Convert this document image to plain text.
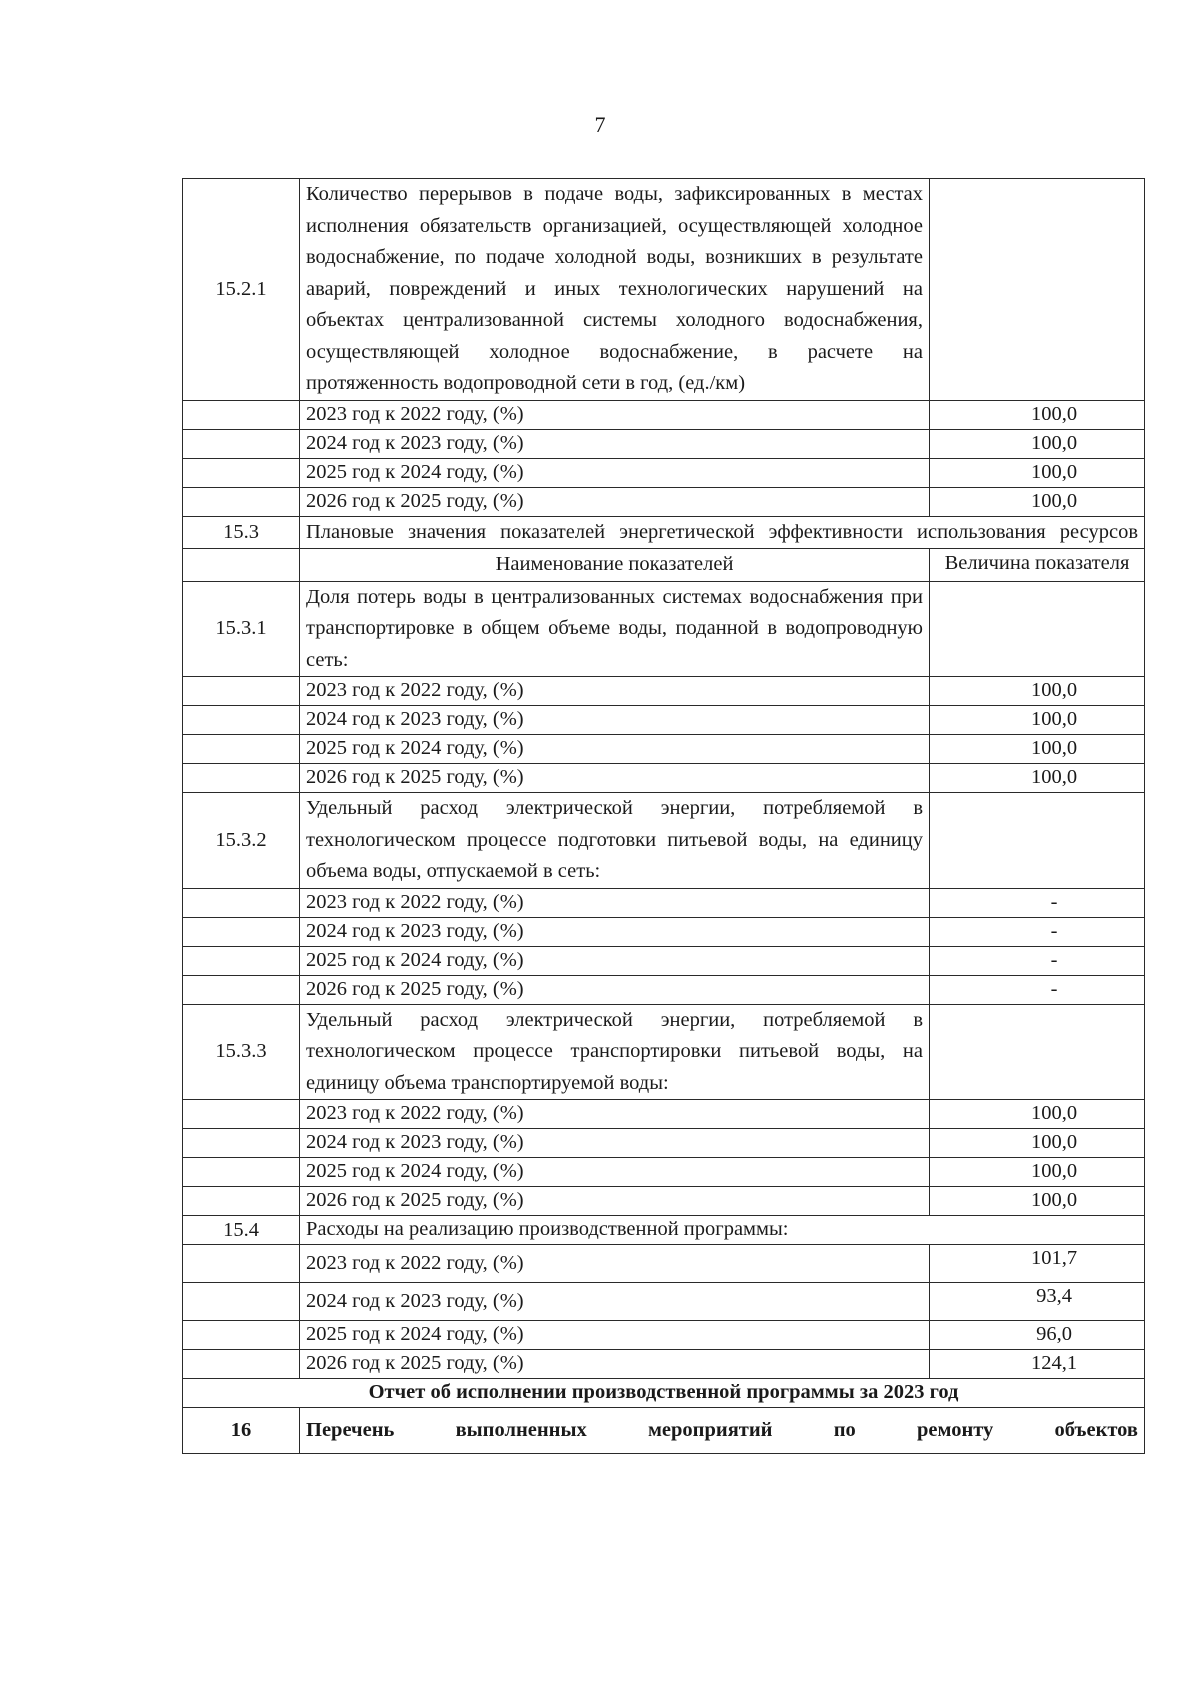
7
15.2.1	Количество перерывов в подаче воды, зафиксированных в местах исполнения обязательств организацией, осуществляющей холодное водоснабжение, по подаче холодной воды, возникших в результате аварий, повреждений и иных технологических нарушений на объектах централизованной системы холодного водоснабжения, осуществляющей холодное водоснабжение, в расчете на протяженность водопроводной сети в год, (ед./км)	
	2023 год к 2022 году, (%)	100,0
	2024 год к 2023 году, (%)	100,0
	2025 год к 2024 году, (%)	100,0
	2026 год к 2025 году, (%)	100,0
15.3	Плановые значения показателей энергетической эффективности использования ресурсов	
	Наименование показателей	Величина показателя
15.3.1	Доля потерь воды в централизованных системах водоснабжения при транспортировке в общем объеме воды, поданной в водопроводную сеть:	
	2023 год к 2022 году, (%)	100,0
	2024 год к 2023 году, (%)	100,0
	2025 год к 2024 году, (%)	100,0
	2026 год к 2025 году, (%)	100,0
15.3.2	Удельный расход электрической энергии, потребляемой в технологическом процессе подготовки питьевой воды, на единицу объема воды, отпускаемой в сеть:	
	2023 год к 2022 году, (%)	-
	2024 год к 2023 году, (%)	-
	2025 год к 2024 году, (%)	-
	2026 год к 2025 году, (%)	-
15.3.3	Удельный расход электрической энергии, потребляемой в технологическом процессе транспортировки питьевой воды, на единицу объема транспортируемой воды:	
	2023 год к 2022 году, (%)	100,0
	2024 год к 2023 году, (%)	100,0
	2025 год к 2024 году, (%)	100,0
	2026 год к 2025 году, (%)	100,0
15.4	Расходы на реализацию производственной программы:	
	2023 год к 2022 году, (%)	101,7
	2024 год к 2023 году, (%)	93,4
	2025 год к 2024 году, (%)	96,0
	2026 год к 2025 году, (%)	124,1
Отчет об исполнении производственной программы за 2023 год		
16	Перечень выполненных мероприятий по ремонту объектов	
